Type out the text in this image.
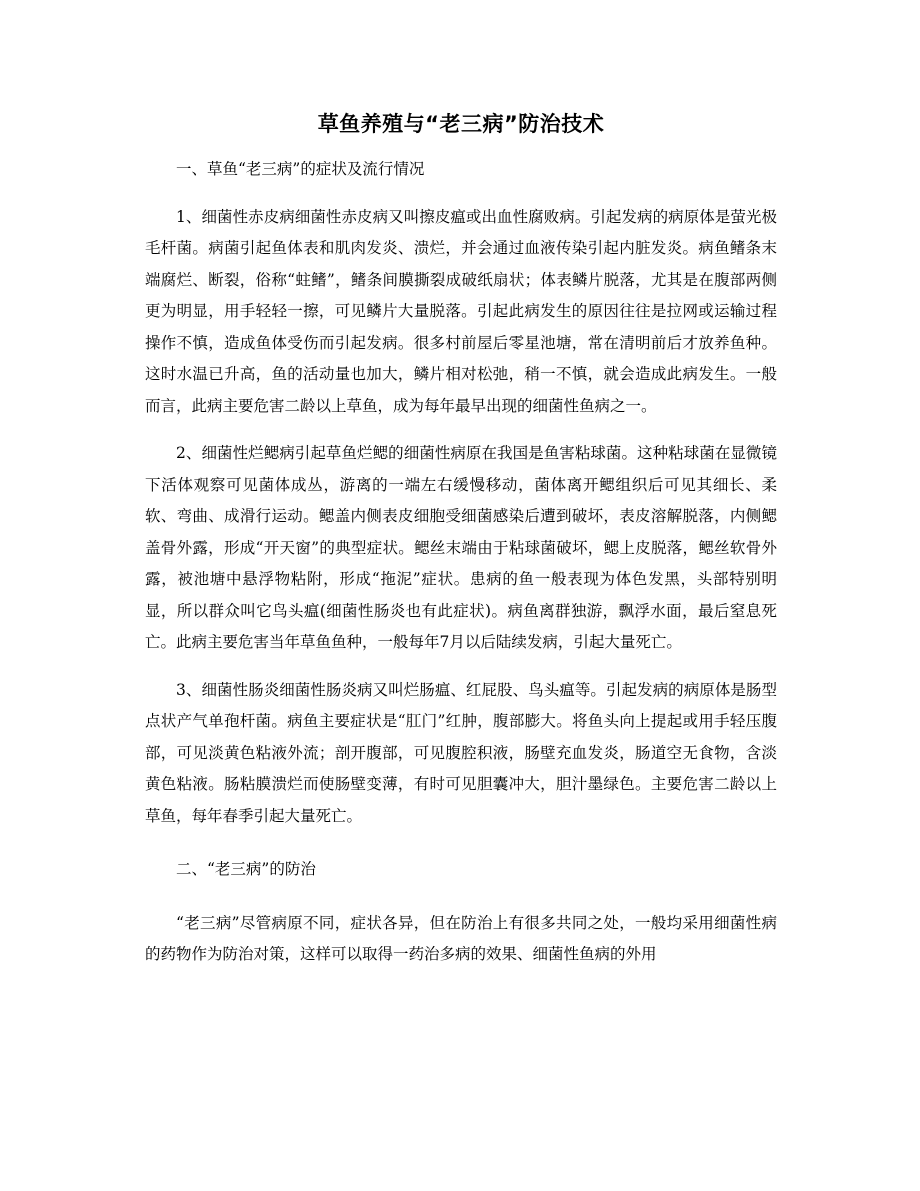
草鱼养殖与“老三病”防治技术

一、草鱼“老三病”的症状及流行情况

1、细菌性赤皮病细菌性赤皮病又叫擦皮瘟或出血性腐败病。引起发病的病原体是萤光极毛杆菌。病菌引起鱼体表和肌肉发炎、溃烂，并会通过血液传染引起内脏发炎。病鱼鳍条末端腐烂、断裂，俗称“蛀鳍”，鳍条间膜撕裂成破纸扇状；体表鳞片脱落，尤其是在腹部两侧更为明显，用手轻轻一擦，可见鳞片大量脱落。引起此病发生的原因往往是拉网或运输过程操作不慎，造成鱼体受伤而引起发病。很多村前屋后零星池塘，常在清明前后才放养鱼种。这时水温已升高，鱼的活动量也加大，鳞片相对松弛，稍一不慎，就会造成此病发生。一般而言，此病主要危害二龄以上草鱼，成为每年最早出现的细菌性鱼病之一。

2、细菌性烂鳃病引起草鱼烂鳃的细菌性病原在我国是鱼害粘球菌。这种粘球菌在显微镜下活体观察可见菌体成丛，游离的一端左右缓慢移动，菌体离开鳃组织后可见其细长、柔软、弯曲、成滑行运动。鳃盖内侧表皮细胞受细菌感染后遭到破坏，表皮溶解脱落，内侧鳃盖骨外露，形成“开天窗”的典型症状。鳃丝末端由于粘球菌破坏，鳃上皮脱落，鳃丝软骨外露，被池塘中悬浮物粘附，形成“拖泥”症状。患病的鱼一般表现为体色发黑，头部特别明显，所以群众叫它鸟头瘟(细菌性肠炎也有此症状)。病鱼离群独游，飘浮水面，最后窒息死亡。此病主要危害当年草鱼鱼种，一般每年7月以后陆续发病，引起大量死亡。

3、细菌性肠炎细菌性肠炎病又叫烂肠瘟、红屁股、鸟头瘟等。引起发病的病原体是肠型点状产气单孢杆菌。病鱼主要症状是“肛门”红肿，腹部膨大。将鱼头向上提起或用手轻压腹部，可见淡黄色粘液外流；剖开腹部，可见腹腔积液，肠壁充血发炎，肠道空无食物，含淡黄色粘液。肠粘膜溃烂而使肠壁变薄，有时可见胆囊冲大，胆汁墨绿色。主要危害二龄以上草鱼，每年春季引起大量死亡。

二、“老三病”的防治

“老三病”尽管病原不同，症状各异，但在防治上有很多共同之处，一般均采用细菌性病的药物作为防治对策，这样可以取得一药治多病的效果、细菌性鱼病的外用
